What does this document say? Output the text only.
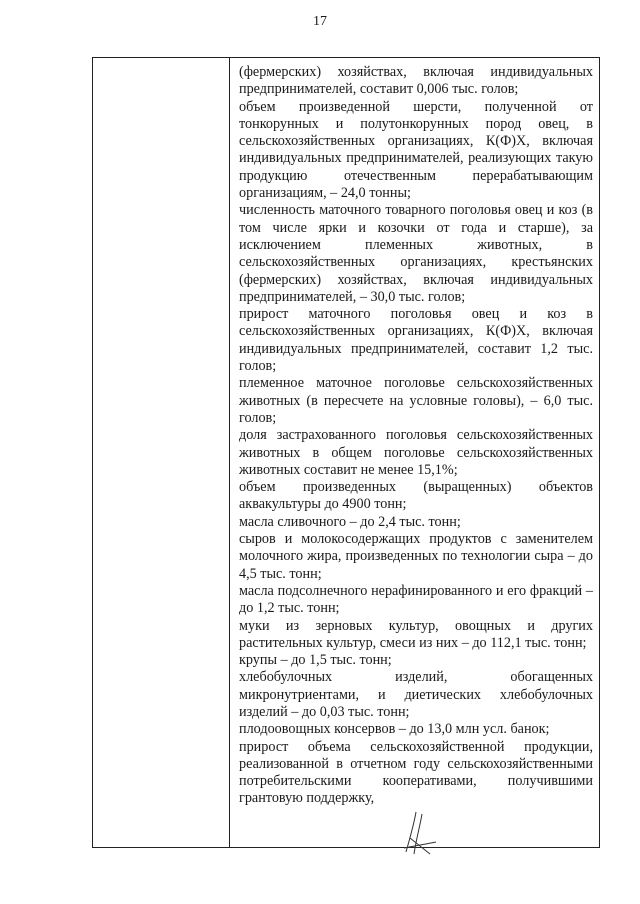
17

(фермерских) хозяйствах, включая индивидуальных предпринимателей, составит 0,006 тыс. голов;

объем произведенной шерсти, полученной от тонкорунных и полутонкорунных пород овец, в сельскохозяйственных организациях, К(Ф)Х, включая индивидуальных предпринимателей, реализующих такую продукцию отечественным перерабатывающим организациям, – 24,0 тонны;

численность маточного товарного поголовья овец и коз (в том числе ярки и козочки от года и старше), за исключением племенных животных, в сельскохозяйственных организациях, крестьянских (фермерских) хозяйствах, включая индивидуальных предпринимателей, – 30,0 тыс. голов;

прирост маточного поголовья овец и коз в сельскохозяйственных организациях, К(Ф)Х, включая индивидуальных предпринимателей, составит 1,2 тыс. голов;

племенное маточное поголовье сельскохозяйственных животных (в пересчете на условные головы), – 6,0 тыс. голов;

доля застрахованного поголовья сельскохозяйственных животных в общем поголовье сельскохозяйственных животных составит не менее 15,1%;

объем произведенных (выращенных) объектов аквакультуры до 4900 тонн;

масла сливочного – до 2,4 тыс. тонн;

сыров и молокосодержащих продуктов с заменителем молочного жира, произведенных по технологии сыра – до 4,5 тыс. тонн;

масла подсолнечного нерафинированного и его фракций – до 1,2 тыс. тонн;

муки из зерновых культур, овощных и других растительных культур, смеси из них – до 112,1 тыс. тонн;

крупы – до 1,5 тыс. тонн;

хлебобулочных изделий, обогащенных микронутриентами, и диетических хлебобулочных изделий – до 0,03 тыс. тонн;

плодоовощных консервов – до 13,0 млн усл. банок;

прирост объема сельскохозяйственной продукции, реализованной в отчетном году сельскохозяйственными потребительскими кооперативами, получившими грантовую поддержку,
